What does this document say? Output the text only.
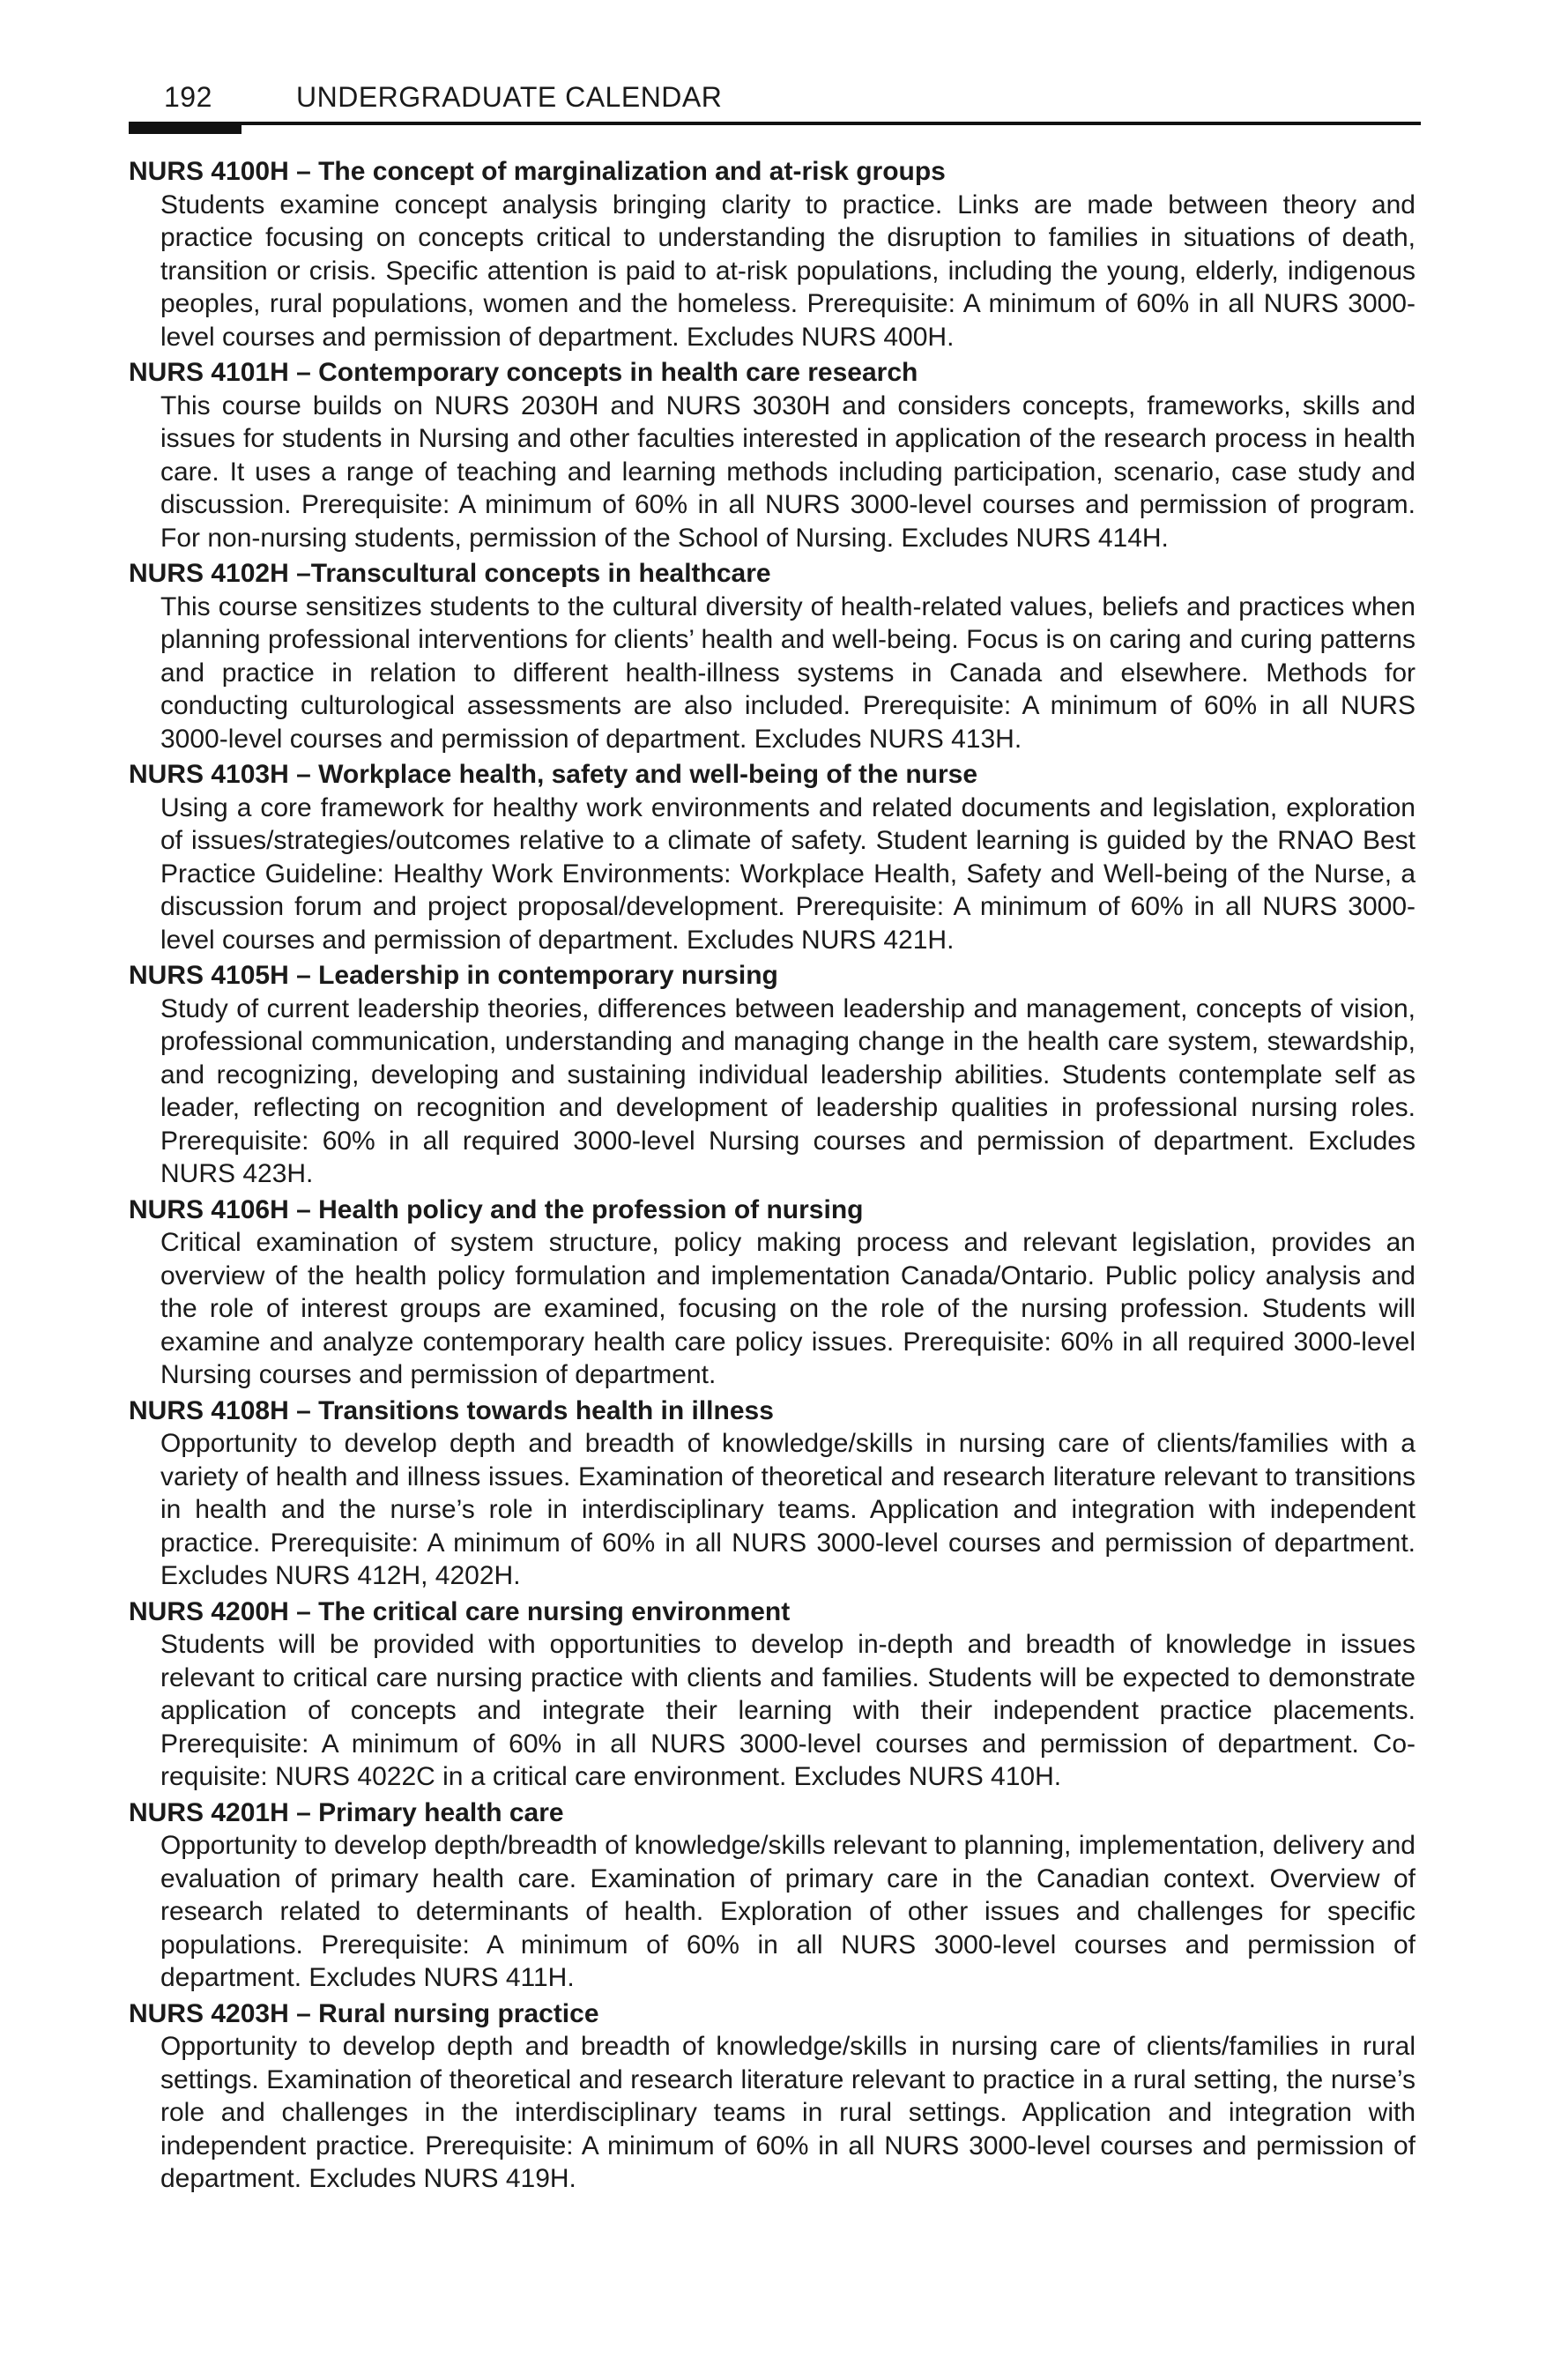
192	UNDERGRADUATE CALENDAR

NURS 4100H – The concept of marginalization and at-risk groups

Students examine concept analysis bringing clarity to practice. Links are made between theory and practice focusing on concepts critical to understanding the disruption to families in situations of death, transition or crisis. Specific attention is paid to at-risk populations, including the young, elderly, indigenous peoples, rural populations, women and the homeless. Prerequisite: A minimum of 60% in all NURS 3000-level courses and permission of department. Excludes NURS 400H.

NURS 4101H – Contemporary concepts in health care research

This course builds on NURS 2030H and NURS 3030H and considers concepts, frameworks, skills and issues for students in Nursing and other faculties interested in application of the research process in health care. It uses a range of teaching and learning methods including participation, scenario, case study and discussion. Prerequisite: A minimum of 60% in all NURS 3000-level courses and permission of program. For non-nursing students, permission of the School of Nursing. Excludes NURS 414H.

NURS 4102H –Transcultural concepts in healthcare

This course sensitizes students to the cultural diversity of health-related values, beliefs and practices when planning professional interventions for clients’ health and well-being. Focus is on caring and curing patterns and practice in relation to different health-illness systems in Canada and elsewhere. Methods for conducting culturological assessments are also included. Prerequisite: A minimum of 60% in all NURS 3000-level courses and permission of department. Excludes NURS 413H.

NURS 4103H – Workplace health, safety and well-being of the nurse

Using a core framework for healthy work environments and related documents and legislation, exploration of issues/strategies/outcomes relative to a climate of safety. Student learning is guided by the RNAO Best Practice Guideline: Healthy Work Environments: Workplace Health, Safety and Well-being of the Nurse, a discussion forum and project proposal/development. Prerequisite: A minimum of 60% in all NURS 3000-level courses and permission of department. Excludes NURS 421H.

NURS 4105H – Leadership in contemporary nursing

Study of current leadership theories, differences between leadership and management, concepts of vision, professional communication, understanding and managing change in the health care system, stewardship, and recognizing, developing and sustaining individual leadership abilities. Students contemplate self as leader, reflecting on recognition and development of leadership qualities in professional nursing roles. Prerequisite: 60% in all required 3000-level Nursing courses and permission of department. Excludes NURS 423H.

NURS 4106H – Health policy and the profession of nursing

Critical examination of system structure, policy making process and relevant legislation, provides an overview of the health policy formulation and implementation Canada/Ontario. Public policy analysis and the role of interest groups are examined, focusing on the role of the nursing profession. Students will examine and analyze contemporary health care policy issues. Prerequisite: 60% in all required 3000-level Nursing courses and permission of department.

NURS 4108H – Transitions towards health in illness

Opportunity to develop depth and breadth of knowledge/skills in nursing care of clients/families with a variety of health and illness issues. Examination of theoretical and research literature relevant to transitions in health and the nurse’s role in interdisciplinary teams. Application and integration with independent practice. Prerequisite: A minimum of 60% in all NURS 3000-level courses and permission of department. Excludes NURS 412H, 4202H.

NURS 4200H – The critical care nursing environment

Students will be provided with opportunities to develop in-depth and breadth of knowledge in issues relevant to critical care nursing practice with clients and families. Students will be expected to demonstrate application of concepts and integrate their learning with their independent practice placements. Prerequisite: A minimum of 60% in all NURS 3000-level courses and permission of department. Co-requisite: NURS 4022C in a critical care environment. Excludes NURS 410H.

NURS 4201H – Primary health care

Opportunity to develop depth/breadth of knowledge/skills relevant to planning, implementation, delivery and evaluation of primary health care. Examination of primary care in the Canadian context. Overview of research related to determinants of health. Exploration of other issues and challenges for specific populations. Prerequisite: A minimum of 60% in all NURS 3000-level courses and permission of department. Excludes NURS 411H.

NURS 4203H – Rural nursing practice

Opportunity to develop depth and breadth of knowledge/skills in nursing care of clients/families in rural settings. Examination of theoretical and research literature relevant to practice in a rural setting, the nurse’s role and challenges in the interdisciplinary teams in rural settings. Application and integration with independent practice. Prerequisite: A minimum of 60% in all NURS 3000-level courses and permission of department. Excludes NURS 419H.
